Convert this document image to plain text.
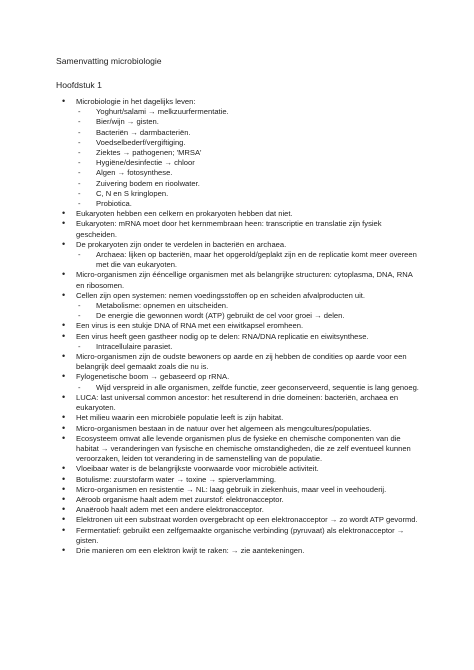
Samenvatting microbiologie
Hoofdstuk 1
• Microbiologie in het dagelijks leven:
- Yoghurt/salami → melkzuurfermentatie.
- Bier/wijn → gisten.
- Bacteriën → darmbacteriën.
- Voedselbederf/vergiftiging.
- Ziektes → pathogenen; 'MRSA'
- Hygiëne/desinfectie → chloor
- Algen → fotosynthese.
- Zuivering bodem en rioolwater.
- C, N en S kringlopen.
- Probiotica.
• Eukaryoten hebben een celkern en prokaryoten hebben dat niet.
• Eukaryoten: mRNA moet door het kernmembraan heen: transcriptie en translatie zijn fysiek gescheiden.
• De prokaryoten zijn onder te verdelen in bacteriën en archaea.
- Archaea: lijken op bacteriën, maar het opgerold/geplakt zijn en de replicatie komt meer overeen met die van eukaryoten.
• Micro-organismen zijn ééncellige organismen met als belangrijke structuren: cytoplasma, DNA, RNA en ribosomen.
• Cellen zijn open systemen: nemen voedingsstoffen op en scheiden afvalproducten uit.
- Metabolisme: opnemen en uitscheiden.
- De energie die gewonnen wordt (ATP) gebruikt de cel voor groei → delen.
• Een virus is een stukje DNA of RNA met een eiwitkapsel eromheen.
• Een virus heeft geen gastheer nodig op te delen: RNA/DNA replicatie en eiwitsynthese.
- Intracellulaire parasiet.
• Micro-organismen zijn de oudste bewoners op aarde en zij hebben de condities op aarde voor een belangrijk deel gemaakt zoals die nu is.
• Fylogenetische boom → gebaseerd op rRNA.
- Wijd verspreid in alle organismen, zelfde functie, zeer geconserveerd, sequentie is lang genoeg.
• LUCA: last universal common ancestor: het resulterend in drie domeinen: bacteriën, archaea en eukaryoten.
• Het milieu waarin een microbiële populatie leeft is zijn habitat.
• Micro-organismen bestaan in de natuur over het algemeen als mengcultures/populaties.
• Ecosysteem omvat alle levende organismen plus de fysieke en chemische componenten van die habitat → veranderingen van fysische en chemische omstandigheden, die ze zelf eventueel kunnen veroorzaken, leiden tot verandering in de samenstelling van de populatie.
• Vloeibaar water is de belangrijkste voorwaarde voor microbiële activiteit.
• Botulisme: zuurstofarm water → toxine → spierverlamming.
• Micro-organismen en resistentie → NL: laag gebruik in ziekenhuis, maar veel in veehouderij.
• Aëroob organisme haalt adem met zuurstof: elektronacceptor.
• Anaëroob haalt adem met een andere elektronacceptor.
• Elektronen uit een substraat worden overgebracht op een elektronacceptor → zo wordt ATP gevormd.
• Fermentatief: gebruikt een zelfgemaakte organische verbinding (pyruvaat) als elektronacceptor → gisten.
• Drie manieren om een elektron kwijt te raken: → zie aantekeningen.
